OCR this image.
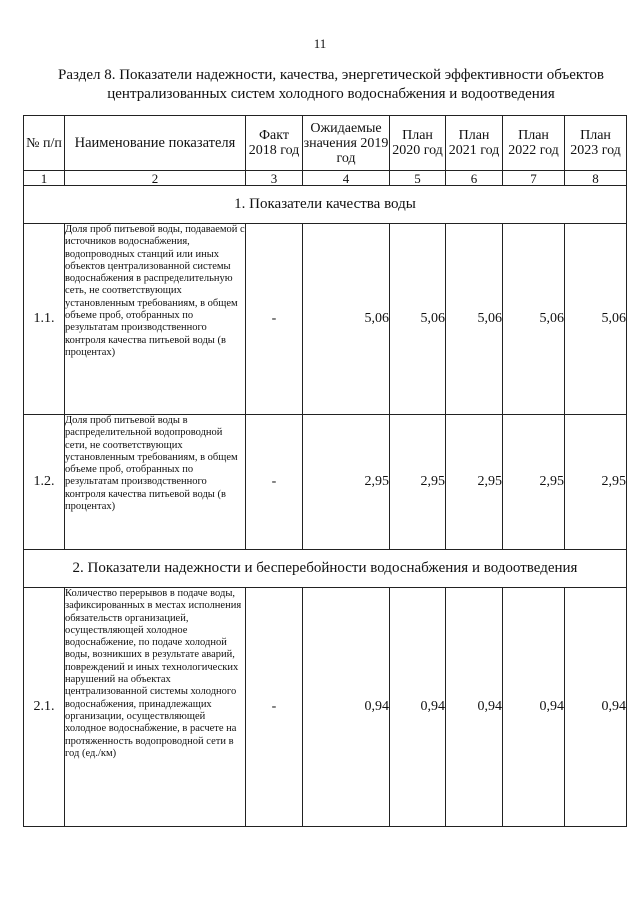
11
Раздел 8. Показатели надежности, качества, энергетической эффективности объектов
централизованных систем холодного водоснабжения и водоотведения
№ п/п	Наименование показателя	Факт 2018 год	Ожидаемые значения 2019 год	План 2020 год	План 2021 год	План 2022 год	План 2023 год
1	2	3	4	5	6	7	8
1. Показатели качества воды							
1.1.	Доля проб питьевой воды, подаваемой с источников водоснабжения, водопроводных станций или иных объектов централизованной системы водоснабжения в распределительную сеть, не соответствующих установленным требованиям, в общем объеме проб, отобранных по результатам производственного контроля качества питьевой воды (в процентах)	-	5,06	5,06	5,06	5,06	5,06
1.2.	Доля проб питьевой воды в распределительной водопроводной сети, не соответствующих установленным требованиям, в общем объеме проб, отобранных по результатам производственного контроля качества питьевой воды (в процентах)	-	2,95	2,95	2,95	2,95	2,95
2. Показатели надежности и бесперебойности водоснабжения и водоотведения							
2.1.	Количество перерывов в подаче воды, зафиксированных в местах исполнения обязательств организацией, осуществляющей холодное водоснабжение, по подаче холодной воды, возникших в результате аварий, повреждений и иных технологических нарушений на объектах централизованной системы холодного водоснабжения, принадлежащих организации, осуществляющей холодное водоснабжение, в расчете на протяженность водопроводной сети в год (ед./км)	-	0,94	0,94	0,94	0,94	0,94
